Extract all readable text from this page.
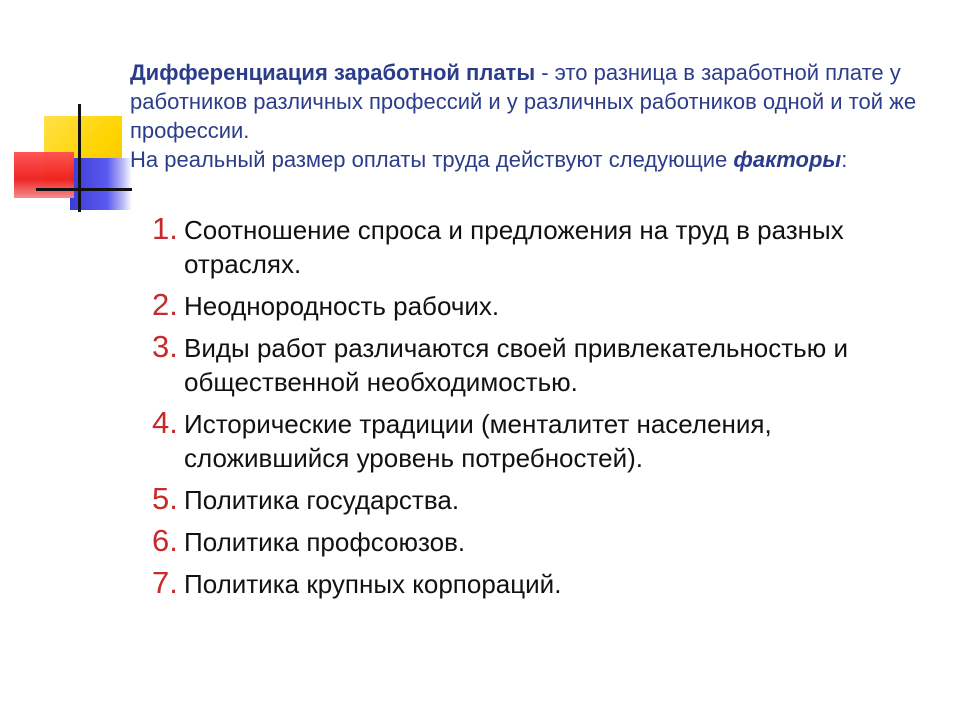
Дифференциация заработной платы - это разница в заработной плате у работников различных профессий и у различных работников одной и той же профессии.

На реальный размер оплаты труда действуют следующие факторы:

1. Соотношение спроса и предложения на труд в разных отраслях.
2. Неоднородность рабочих.
3. Виды работ различаются своей привлекательностью и общественной необходимостью.
4. Исторические традиции (менталитет населения, сложившийся уровень потребностей).
5. Политика государства.
6. Политика профсоюзов.
7. Политика крупных корпораций.
